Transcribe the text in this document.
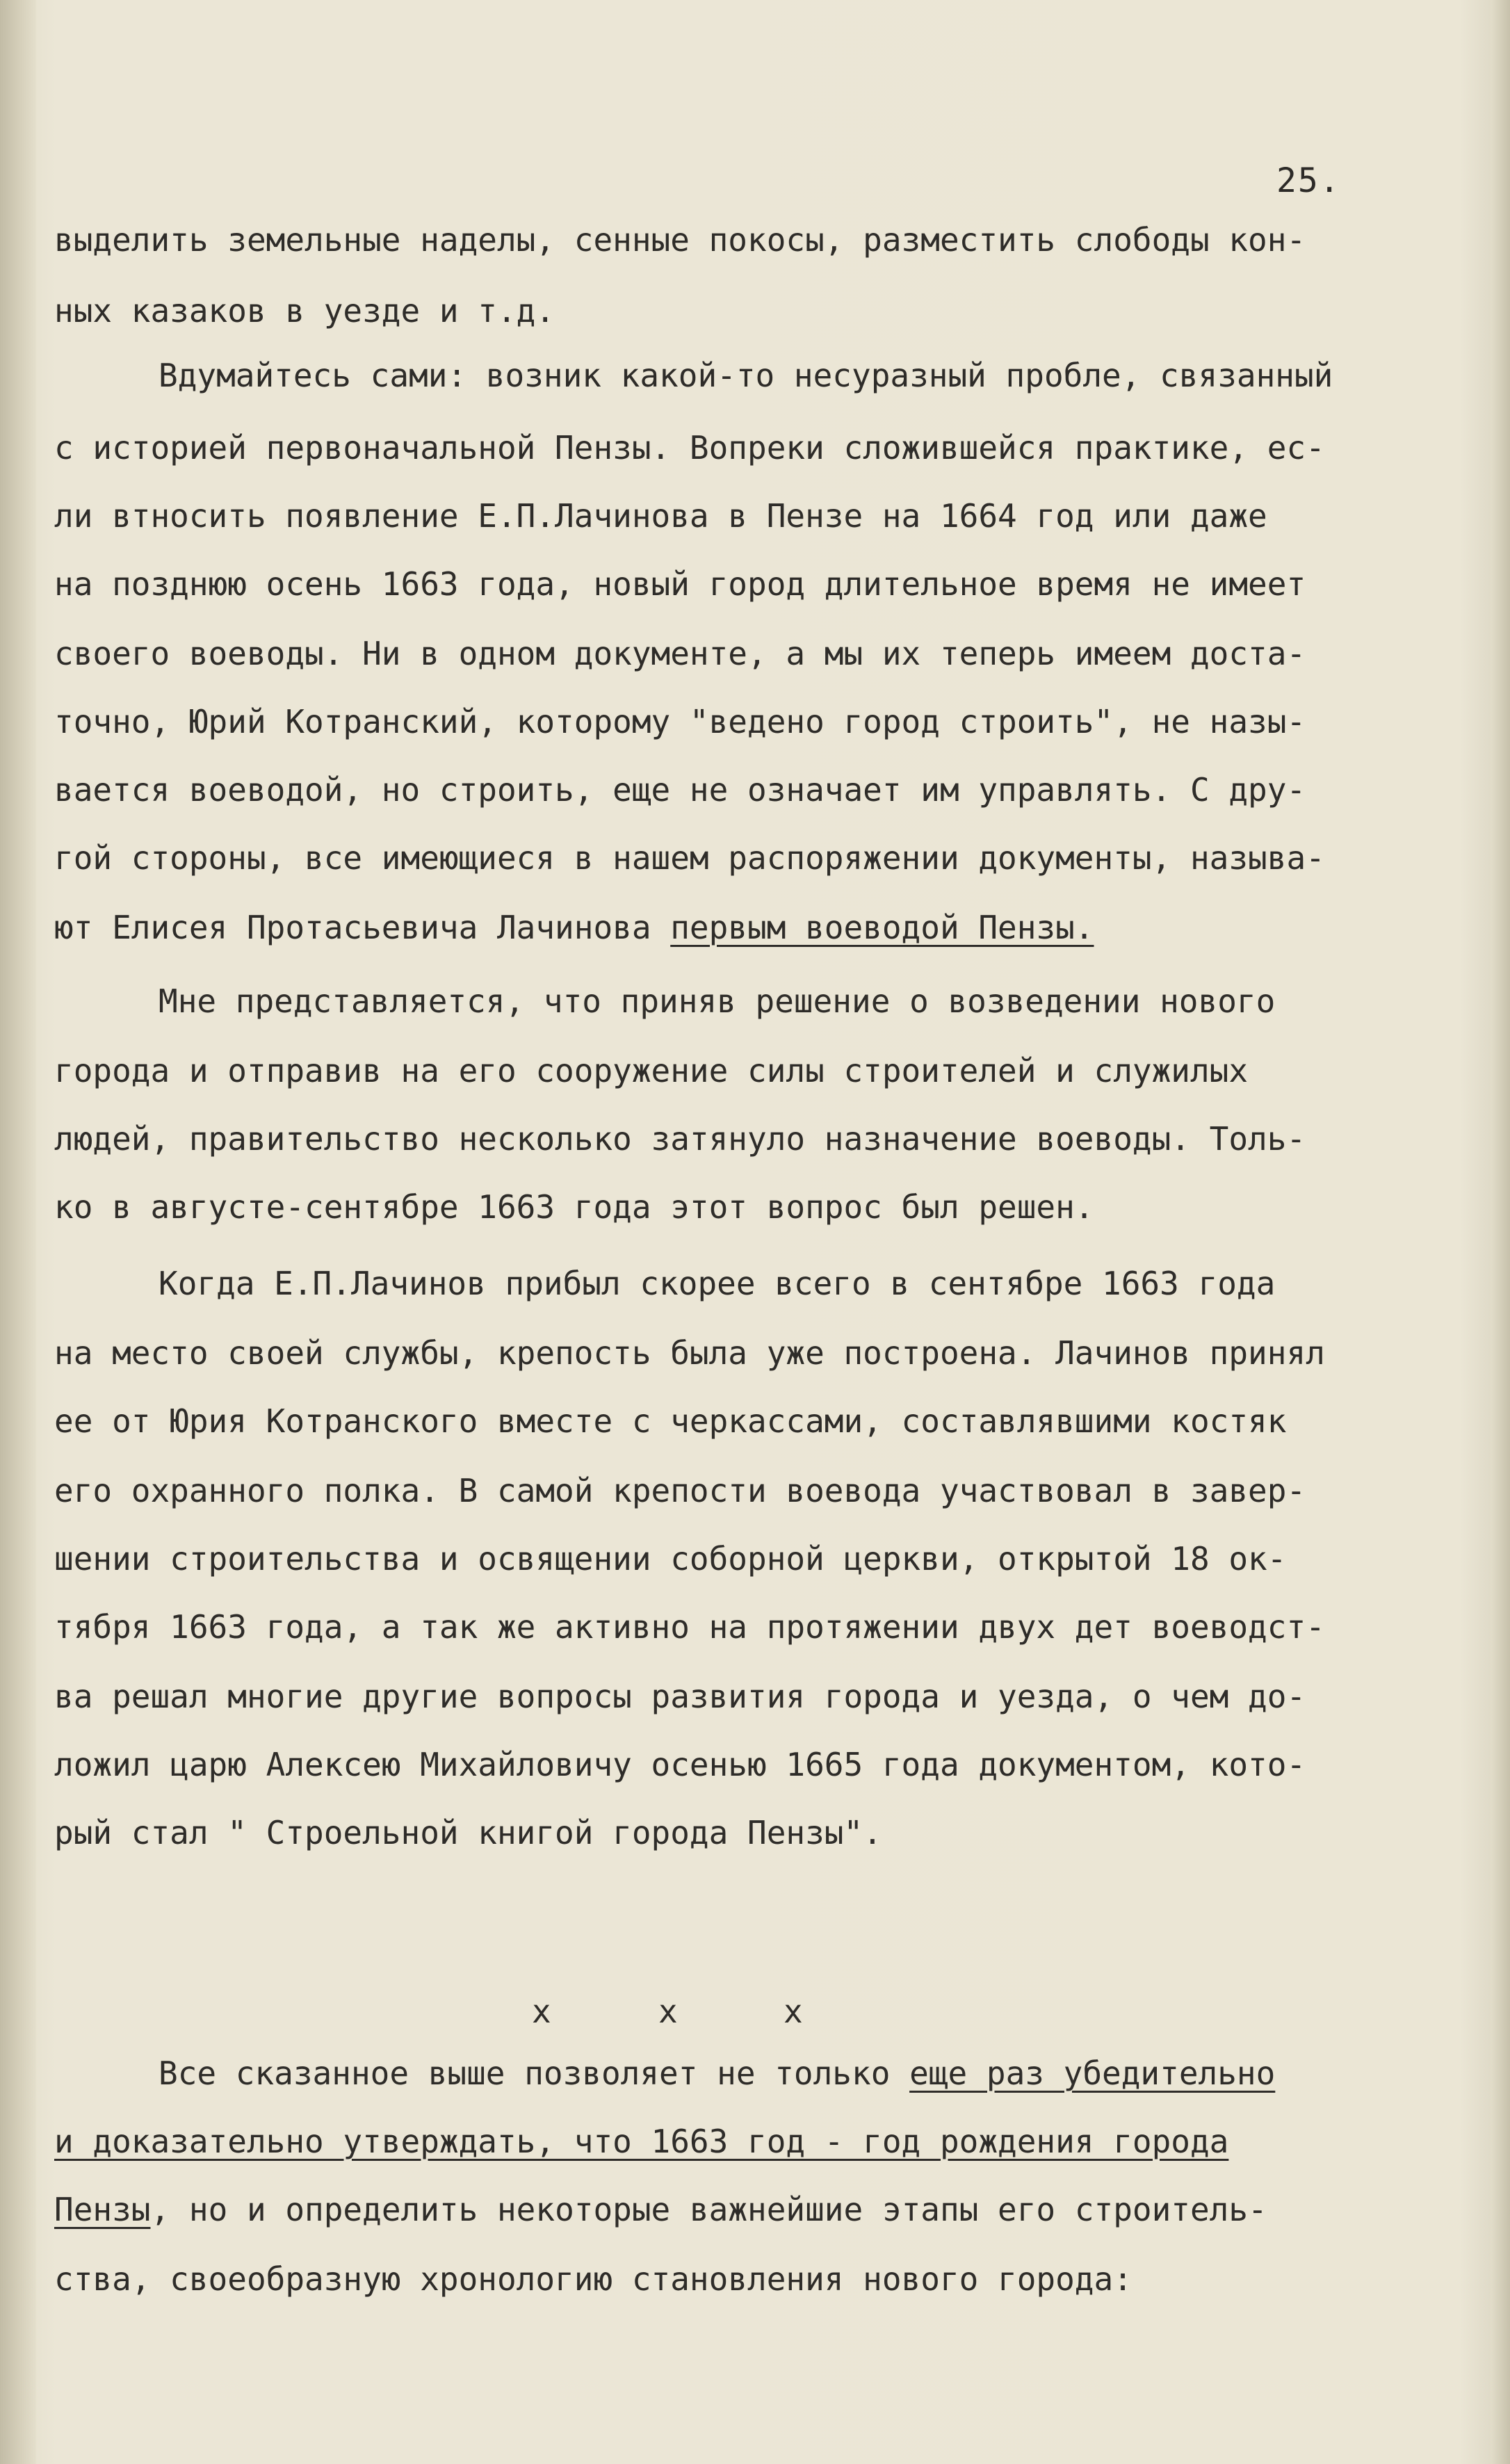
25.
выделить земельные наделы, сенные покосы, разместить слободы кон-
ных казаков в уезде и т.д.
Вдумайтесь сами: возник какой-то несуразный пробле, связанный
с историей первоначальной Пензы. Вопреки сложившейся практике, ес-
ли втносить появление Е.П.Лачинова в Пензе на 1664 год или даже
на позднюю осень 1663 года, новый город длительное время не имеет
своего воеводы. Ни в одном документе, а мы их теперь имеем доста-
точно, Юрий Котранский, которому "ведено город строить", не назы-
вается воеводой, но строить, еще не означает им управлять. С дру-
гой стороны, все имеющиеся в нашем распоряжении документы, называ-
ют Елисея Протасьевича Лачинова первым воеводой Пензы.
Мне представляется, что приняв решение о возведении нового
города и отправив на его сооружение силы строителей и служилых
людей, правительство несколько затянуло назначение воеводы. Толь-
ко в августе-сентябре 1663 года этот вопрос был решен.
Когда Е.П.Лачинов прибыл скорее всего в сентябре 1663 года
на место своей службы, крепость была уже построена. Лачинов принял
ее от Юрия Котранского вместе с черкассами, составлявшими костяк
его охранного полка. В самой крепости воевода участвовал в завер-
шении строительства и освящении соборной церкви, открытой 18 ок-
тября 1663 года, а так же активно на протяжении двух дет воеводст-
ва решал многие другие вопросы развития города и уезда, о чем до-
ложил царю Алексею Михайловичу осенью 1665 года документом, кото-
рый стал " Строельной книгой города Пензы".
Все сказанное выше позволяет не только еще раз убедительно
и доказательно утверждать, что 1663 год - год рождения города
Пензы, но и определить некоторые важнейшие этапы его строитель-
ства, своеобразную хронологию становления нового города:
x	x	x
